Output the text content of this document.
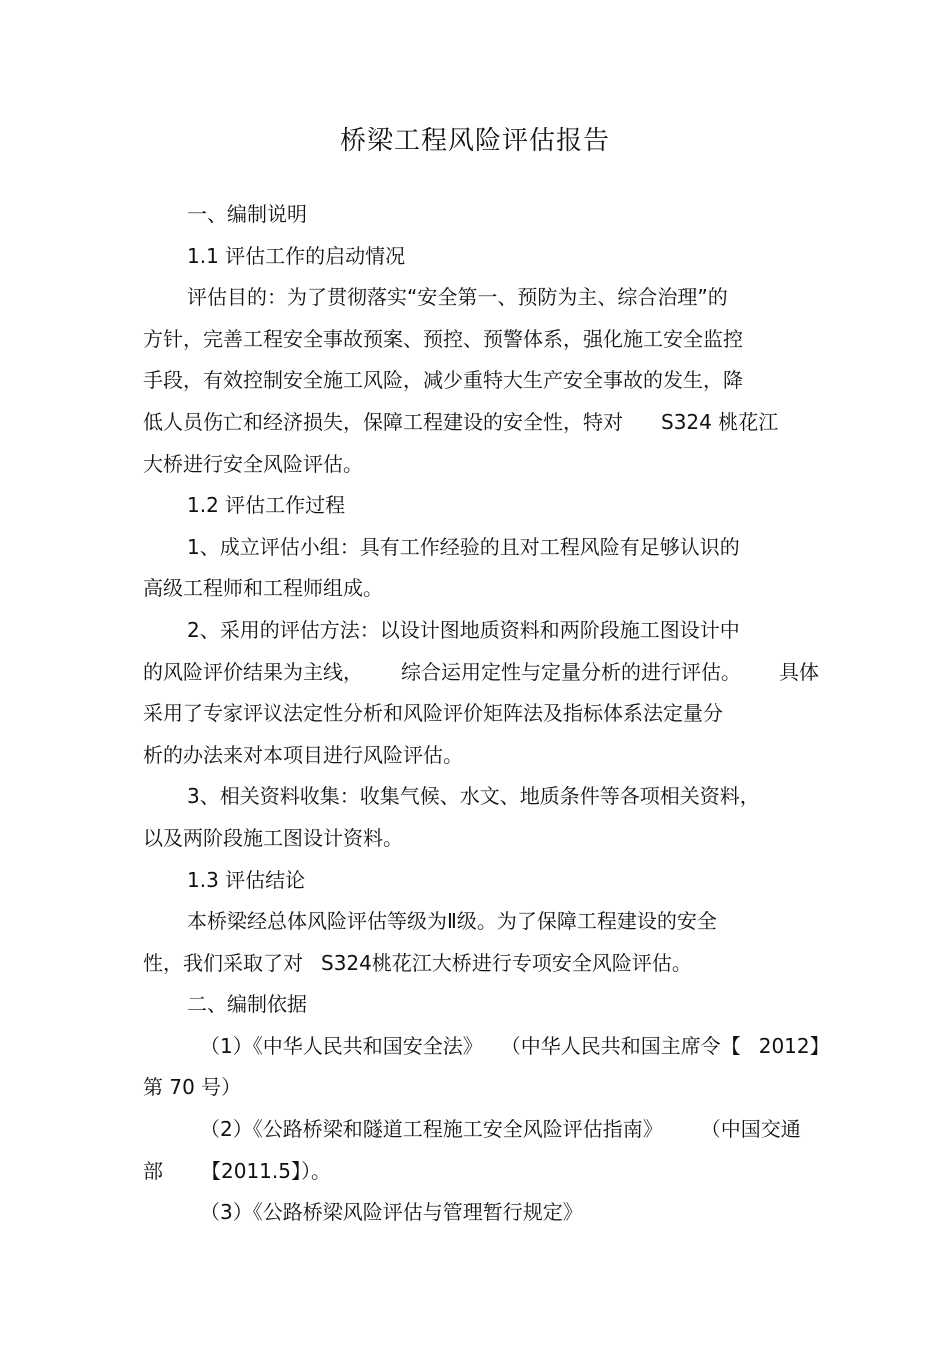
桥梁工程风险评估报告
一、编制说明
1.1 评估工作的启动情况
评估目的：为了贯彻落实“安全第一、预防为主、综合治理”的
方针，完善工程安全事故预案、预控、预警体系，强化施工安全监控
手段，有效控制安全施工风险，减少重特大生产安全事故的发生，降
低人员伤亡和经济损失，保障工程建设的安全性，特对 S324 桃花江
大桥进行安全风险评估。
1.2 评估工作过程
1、成立评估小组：具有工作经验的且对工程风险有足够认识的
高级工程师和工程师组成。
2、采用的评估方法：以设计图地质资料和两阶段施工图设计中
的风险评价结果为主线， 综合运用定性与定量分析的进行评估。 具体
采用了专家评议法定性分析和风险评价矩阵法及指标体系法定量分
析的办法来对本项目进行风险评估。
3、相关资料收集：收集气候、水文、地质条件等各项相关资料，
以及两阶段施工图设计资料。
1.3 评估结论
本桥梁经总体风险评估等级为Ⅱ级。为了保障工程建设的安全
性，我们采取了对 S324桃花江大桥进行专项安全风险评估。
二、编制依据
（1）《中华人民共和国安全法》 （中华人民共和国主席令【 2012】
第 70 号）
（2）《公路桥梁和隧道工程施工安全风险评估指南》 （中国交通
部 【2011.5】）。
（3）《公路桥梁风险评估与管理暂行规定》
